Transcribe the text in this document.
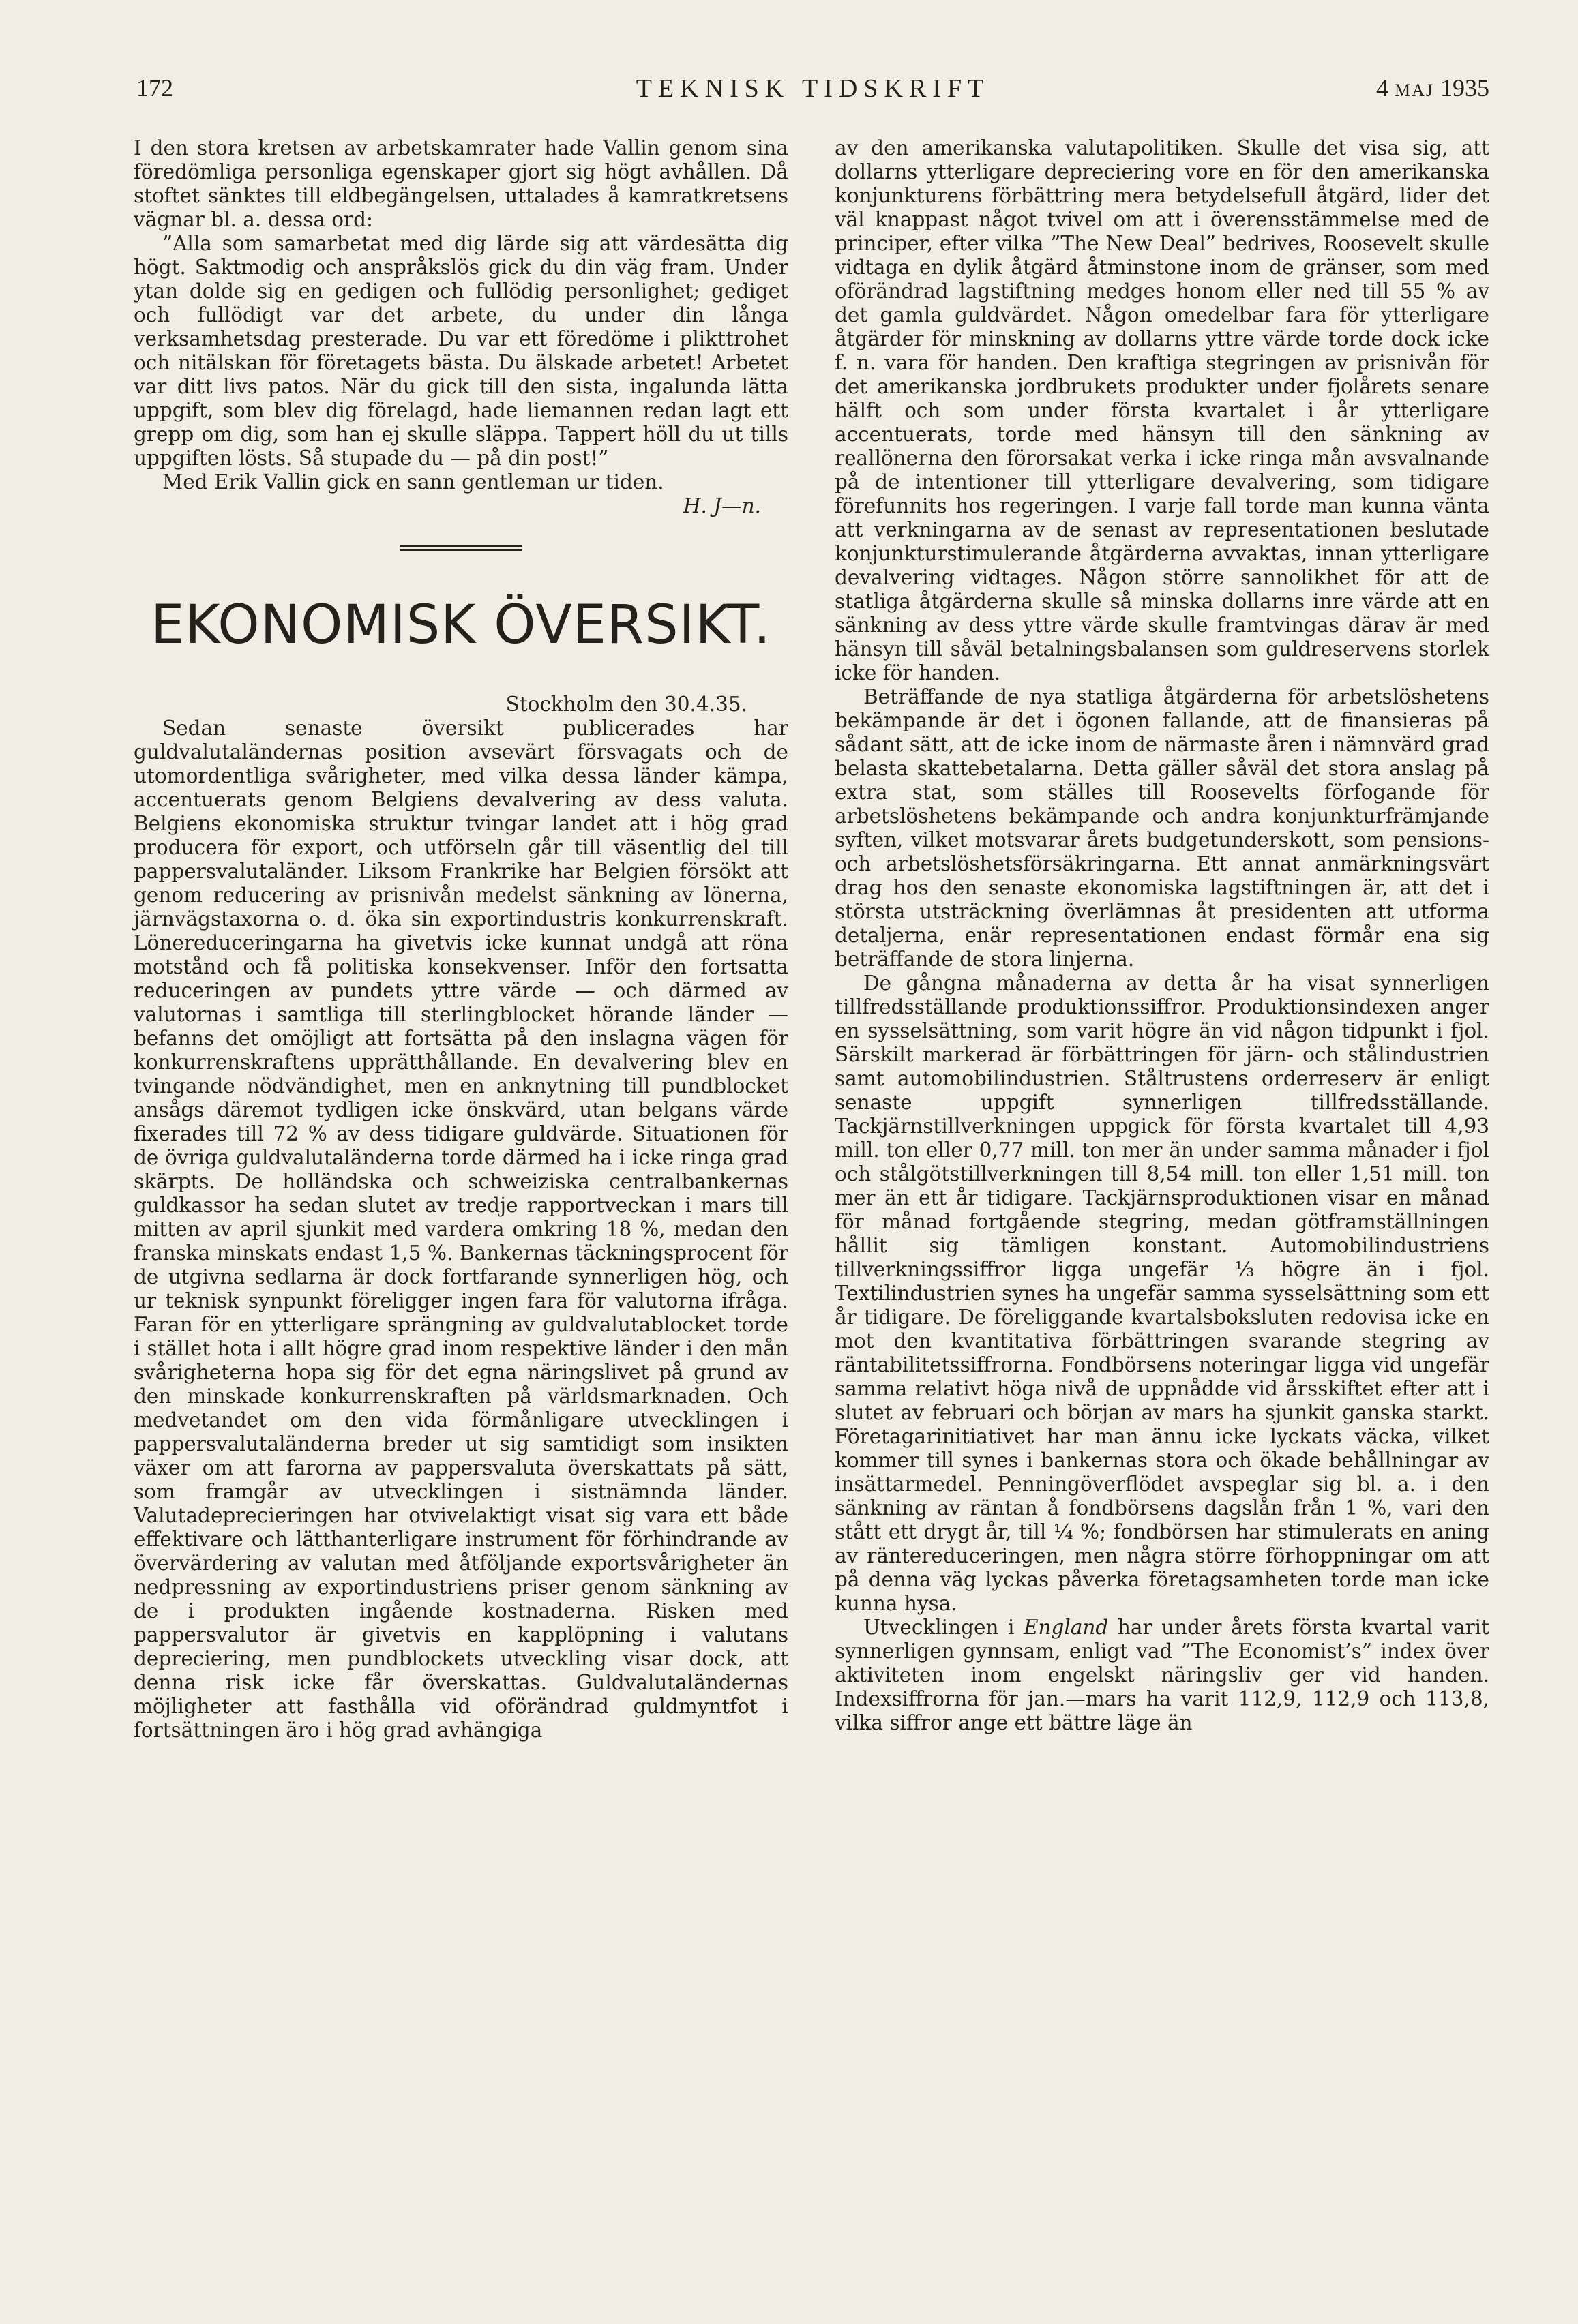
172	TEKNISK TIDSKRIFT	4 MAJ 1935

I den stora kretsen av arbetskamrater hade Vallin genom sina föredömliga personliga egenskaper gjort sig högt avhållen. Då stoftet sänktes till eldbegängelsen, uttalades å kamratkretsens vägnar bl. a. dessa ord:

”Alla som samarbetat med dig lärde sig att värdesätta dig högt. Saktmodig och anspråkslös gick du din väg fram. Under ytan dolde sig en gedigen och fullödig personlighet; gediget och fullödigt var det arbete, du under din långa verksamhetsdag presterade. Du var ett föredöme i plikttrohet och nitälskan för företagets bästa. Du älskade arbetet! Arbetet var ditt livs patos. När du gick till den sista, ingalunda lätta uppgift, som blev dig förelagd, hade liemannen redan lagt ett grepp om dig, som han ej skulle släppa. Tappert höll du ut tills uppgiften lösts. Så stupade du — på din post!”

Med Erik Vallin gick en sann gentleman ur tiden.

H. J—n.
EKONOMISK ÖVERSIKT.
Stockholm den 30.4.35.

Sedan senaste översikt publicerades har guldvalutaländernas position avsevärt försvagats och de utomordentliga svårigheter, med vilka dessa länder kämpa, accentuerats genom Belgiens devalvering av dess valuta. Belgiens ekonomiska struktur tvingar landet att i hög grad producera för export, och utförseln går till väsentlig del till pappersvalutaländer. Liksom Frankrike har Belgien försökt att genom reducering av prisnivån medelst sänkning av lönerna, järnvägstaxorna o. d. öka sin exportindustris konkurrenskraft. Lönereduceringarna ha givetvis icke kunnat undgå att röna motstånd och få politiska konsekvenser. Inför den fortsatta reduceringen av pundets yttre värde — och därmed av valutornas i samtliga till sterlingblocket hörande länder — befanns det omöjligt att fortsätta på den inslagna vägen för konkurrenskraftens upprätthållande. En devalvering blev en tvingande nödvändighet, men en anknytning till pundblocket ansågs däremot tydligen icke önskvärd, utan belgans värde fixerades till 72 % av dess tidigare guldvärde. Situationen för de övriga guldvalutaländerna torde därmed ha i icke ringa grad skärpts. De holländska och schweiziska centralbankernas guldkassor ha sedan slutet av tredje rapportveckan i mars till mitten av april sjunkit med vardera omkring 18 %, medan den franska minskats endast 1,5 %. Bankernas täckningsprocent för de utgivna sedlarna är dock fortfarande synnerligen hög, och ur teknisk synpunkt föreligger ingen fara för valutorna ifråga. Faran för en ytterligare sprängning av guldvalutablocket torde i stället hota i allt högre grad inom respektive länder i den mån svårigheterna hopa sig för det egna näringslivet på grund av den minskade konkurrenskraften på världsmarknaden. Och medvetandet om den vida förmånligare utvecklingen i pappersvalutaländerna breder ut sig samtidigt som insikten växer om att farorna av pappersvaluta överskattats på sätt, som framgår av utvecklingen i sistnämnda länder. Valutadeprecieringen har otvivelaktigt visat sig vara ett både effektivare och lätthanterligare instrument för förhindrande av övervärdering av valutan med åtföljande exportsvårigheter än nedpressning av exportindustriens priser genom sänkning av de i produkten ingående kostnaderna. Risken med pappersvalutor är givetvis en kapplöpning i valutans depreciering, men pundblockets utveckling visar dock, att denna risk icke får överskattas. Guldvalutaländernas möjligheter att fasthålla vid oförändrad guldmyntfot i fortsättningen äro i hög grad avhängiga

av den amerikanska valutapolitiken. Skulle det visa sig, att dollarns ytterligare depreciering vore en för den amerikanska konjunkturens förbättring mera betydelsefull åtgärd, lider det väl knappast något tvivel om att i överensstämmelse med de principer, efter vilka ”The New Deal” bedrives, Roosevelt skulle vidtaga en dylik åtgärd åtminstone inom de gränser, som med oförändrad lagstiftning medges honom eller ned till 55 % av det gamla guldvärdet. Någon omedelbar fara för ytterligare åtgärder för minskning av dollarns yttre värde torde dock icke f. n. vara för handen. Den kraftiga stegringen av prisnivån för det amerikanska jordbrukets produkter under fjolårets senare hälft och som under första kvartalet i år ytterligare accentuerats, torde med hänsyn till den sänkning av reallönerna den förorsakat verka i icke ringa mån avsvalnande på de intentioner till ytterligare devalvering, som tidigare förefunnits hos regeringen. I varje fall torde man kunna vänta att verkningarna av de senast av representationen beslutade konjunkturstimulerande åtgärderna avvaktas, innan ytterligare devalvering vidtages. Någon större sannolikhet för att de statliga åtgärderna skulle så minska dollarns inre värde att en sänkning av dess yttre värde skulle framtvingas därav är med hänsyn till såväl betalningsbalansen som guldreservens storlek icke för handen.

Beträffande de nya statliga åtgärderna för arbetslöshetens bekämpande är det i ögonen fallande, att de finansieras på sådant sätt, att de icke inom de närmaste åren i nämnvärd grad belasta skattebetalarna. Detta gäller såväl det stora anslag på extra stat, som ställes till Roosevelts förfogande för arbetslöshetens bekämpande och andra konjunkturfrämjande syften, vilket motsvarar årets budgetunderskott, som pensions- och arbetslöshetsförsäkringarna. Ett annat anmärkningsvärt drag hos den senaste ekonomiska lagstiftningen är, att det i största utsträckning överlämnas åt presidenten att utforma detaljerna, enär representationen endast förmår ena sig beträffande de stora linjerna.

De gångna månaderna av detta år ha visat synnerligen tillfredsställande produktionssiffror. Produktionsindexen anger en sysselsättning, som varit högre än vid någon tidpunkt i fjol. Särskilt markerad är förbättringen för järn- och stålindustrien samt automobilindustrien. Ståltrustens orderreserv är enligt senaste uppgift synnerligen tillfredsställande. Tackjärnstillverkningen uppgick för första kvartalet till 4,93 mill. ton eller 0,77 mill. ton mer än under samma månader i fjol och stålgötstillverkningen till 8,54 mill. ton eller 1,51 mill. ton mer än ett år tidigare. Tackjärnsproduktionen visar en månad för månad fortgående stegring, medan götframställningen hållit sig tämligen konstant. Automobilindustriens tillverkningssiffror ligga ungefär ⅓ högre än i fjol. Textilindustrien synes ha ungefär samma sysselsättning som ett år tidigare. De föreliggande kvartalsboksluten redovisa icke en mot den kvantitativa förbättringen svarande stegring av räntabilitetssiffrorna. Fondbörsens noteringar ligga vid ungefär samma relativt höga nivå de uppnådde vid årsskiftet efter att i slutet av februari och början av mars ha sjunkit ganska starkt. Företagarinitiativet har man ännu icke lyckats väcka, vilket kommer till synes i bankernas stora och ökade behållningar av insättarmedel. Penningöverflödet avspeglar sig bl. a. i den sänkning av räntan å fondbörsens dagslån från 1 %, vari den stått ett drygt år, till ¼ %; fondbörsen har stimulerats en aning av räntereduceringen, men några större förhoppningar om att på denna väg lyckas påverka företagsamheten torde man icke kunna hysa.

Utvecklingen i England har under årets första kvartal varit synnerligen gynnsam, enligt vad ”The Economist’s” index över aktiviteten inom engelskt näringsliv ger vid handen. Indexsiffrorna för jan.—mars ha varit 112,9, 112,9 och 113,8, vilka siffror ange ett bättre läge än
